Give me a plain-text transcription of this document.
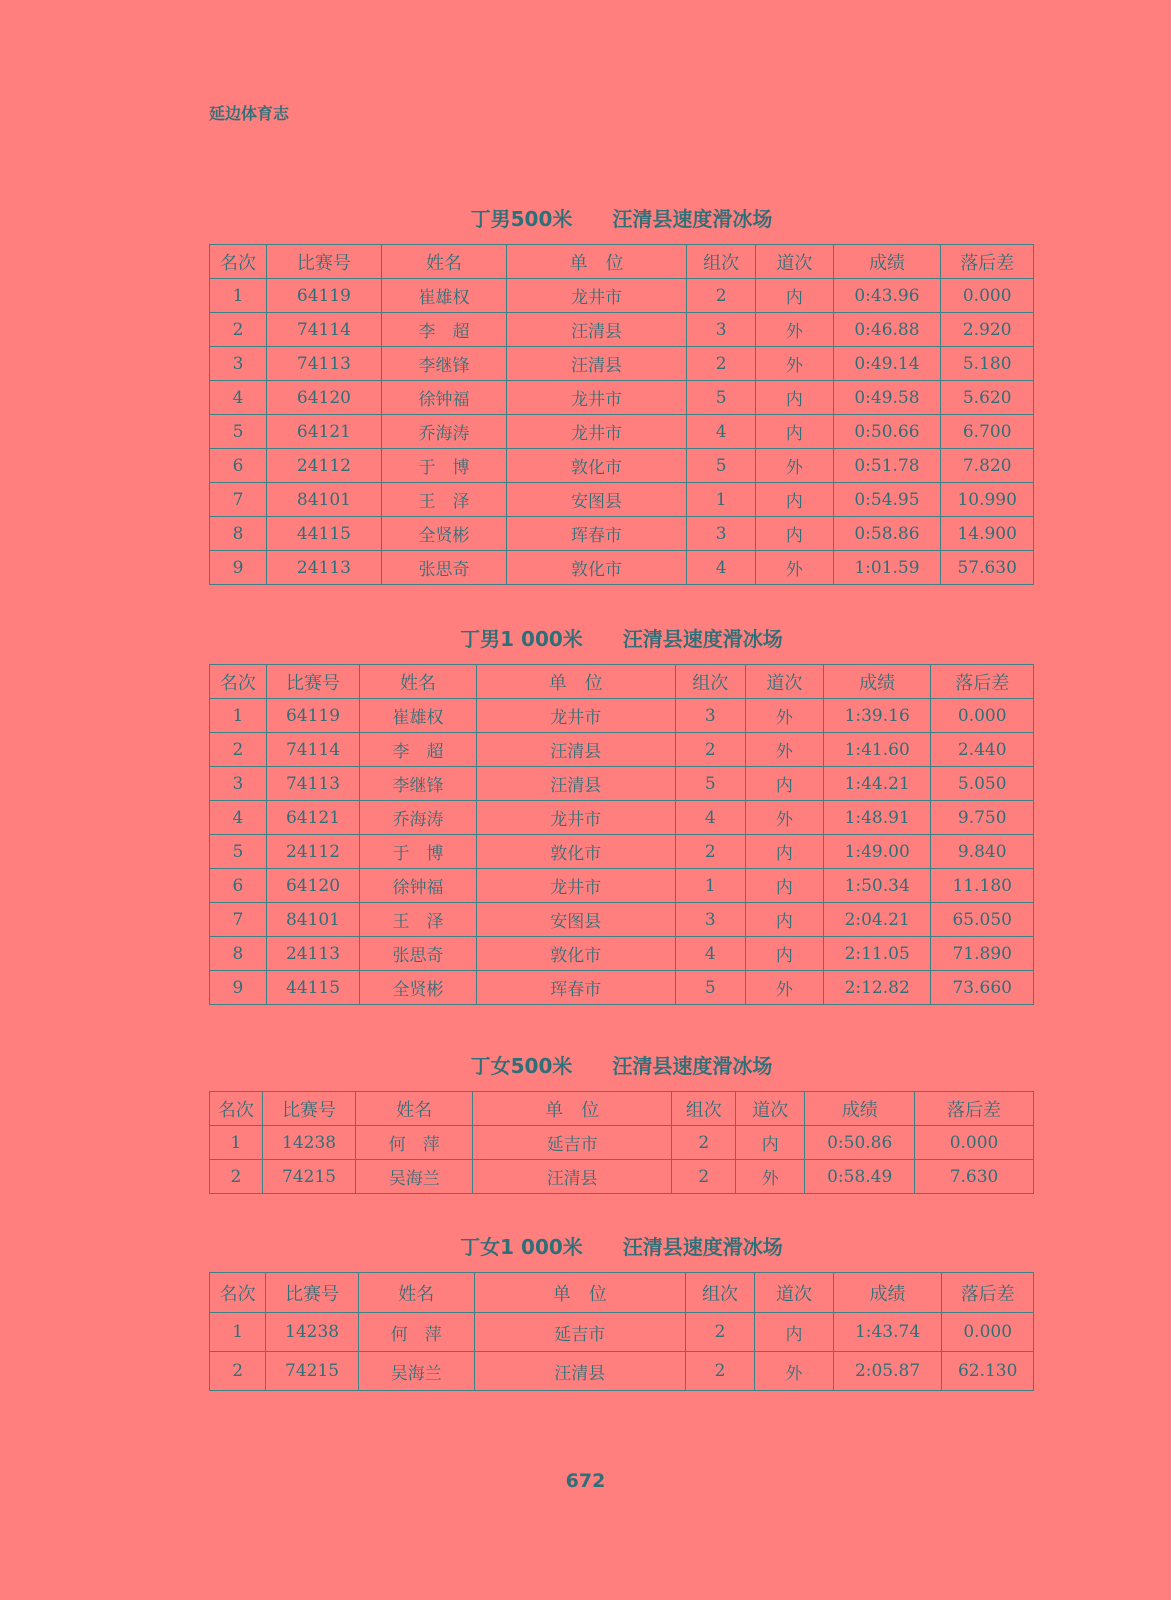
延边体育志
丁男500米　　汪清县速度滑冰场
名次	比赛号	姓名	单　位	组次	道次	成绩	落后差
1	64119	崔雄权	龙井市	2	内	0:43.96	0.000
2	74114	李　超	汪清县	3	外	0:46.88	2.920
3	74113	李继锋	汪清县	2	外	0:49.14	5.180
4	64120	徐钟福	龙井市	5	内	0:49.58	5.620
5	64121	乔海涛	龙井市	4	内	0:50.66	6.700
6	24112	于　博	敦化市	5	外	0:51.78	7.820
7	84101	王　泽	安图县	1	内	0:54.95	10.990
8	44115	全贤彬	珲春市	3	内	0:58.86	14.900
9	24113	张思奇	敦化市	4	外	1:01.59	57.630
丁男1 000米　　汪清县速度滑冰场
名次	比赛号	姓名	单　位	组次	道次	成绩	落后差
1	64119	崔雄权	龙井市	3	外	1:39.16	0.000
2	74114	李　超	汪清县	2	外	1:41.60	2.440
3	74113	李继锋	汪清县	5	内	1:44.21	5.050
4	64121	乔海涛	龙井市	4	外	1:48.91	9.750
5	24112	于　博	敦化市	2	内	1:49.00	9.840
6	64120	徐钟福	龙井市	1	内	1:50.34	11.180
7	84101	王　泽	安图县	3	内	2:04.21	65.050
8	24113	张思奇	敦化市	4	内	2:11.05	71.890
9	44115	全贤彬	珲春市	5	外	2:12.82	73.660
丁女500米　　汪清县速度滑冰场
名次	比赛号	姓名	单　位	组次	道次	成绩	落后差
1	14238	何　萍	延吉市	2	内	0:50.86	0.000
2	74215	吴海兰	汪清县	2	外	0:58.49	7.630
丁女1 000米　　汪清县速度滑冰场
名次	比赛号	姓名	单　位	组次	道次	成绩	落后差
1	14238	何　萍	延吉市	2	内	1:43.74	0.000
2	74215	吴海兰	汪清县	2	外	2:05.87	62.130
672
